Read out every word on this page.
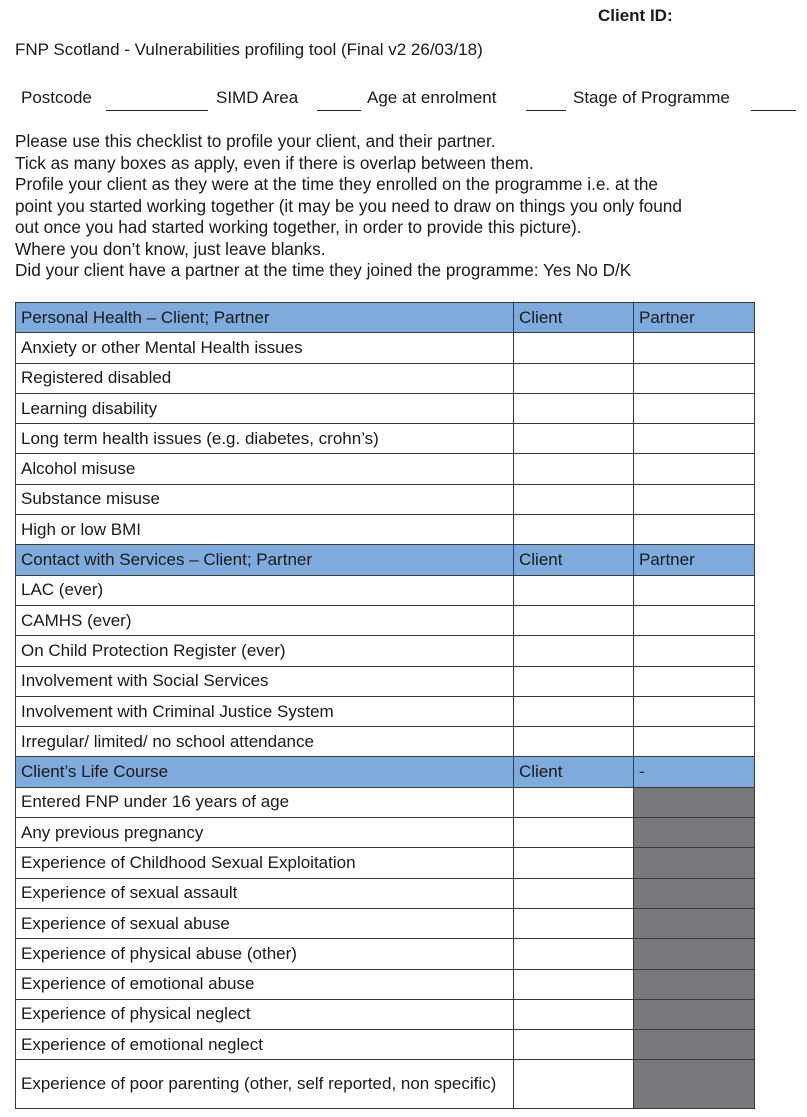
Client ID:
FNP Scotland - Vulnerabilities profiling tool (Final v2 26/03/18)
Postcode	SIMD Area	Age at enrolment	Stage of Programme
Please use this checklist to profile your client, and their partner.
Tick as many boxes as apply, even if there is overlap between them.
Profile your client as they were at the time they enrolled on the programme i.e. at the
point you started working together (it may be you need to draw on things you only found
out once you had started working together, in order to provide this picture).
Where you don’t know, just leave blanks.
Did your client have a partner at the time they joined the programme: Yes No D/K
Personal Health – Client; Partner	Client	Partner
Anxiety or other Mental Health issues		
Registered disabled		
Learning disability		
Long term health issues (e.g. diabetes, crohn’s)		
Alcohol misuse		
Substance misuse		
High or low BMI		
Contact with Services – Client; Partner	Client	Partner
LAC (ever)		
CAMHS (ever)		
On Child Protection Register (ever)		
Involvement with Social Services		
Involvement with Criminal Justice System		
Irregular/ limited/ no school attendance		
Client’s Life Course	Client	-
Entered FNP under 16 years of age		
Any previous pregnancy		
Experience of Childhood Sexual Exploitation		
Experience of sexual assault		
Experience of sexual abuse		
Experience of physical abuse (other)		
Experience of emotional abuse		
Experience of physical neglect		
Experience of emotional neglect		
Experience of poor parenting (other, self reported, non specific)		
